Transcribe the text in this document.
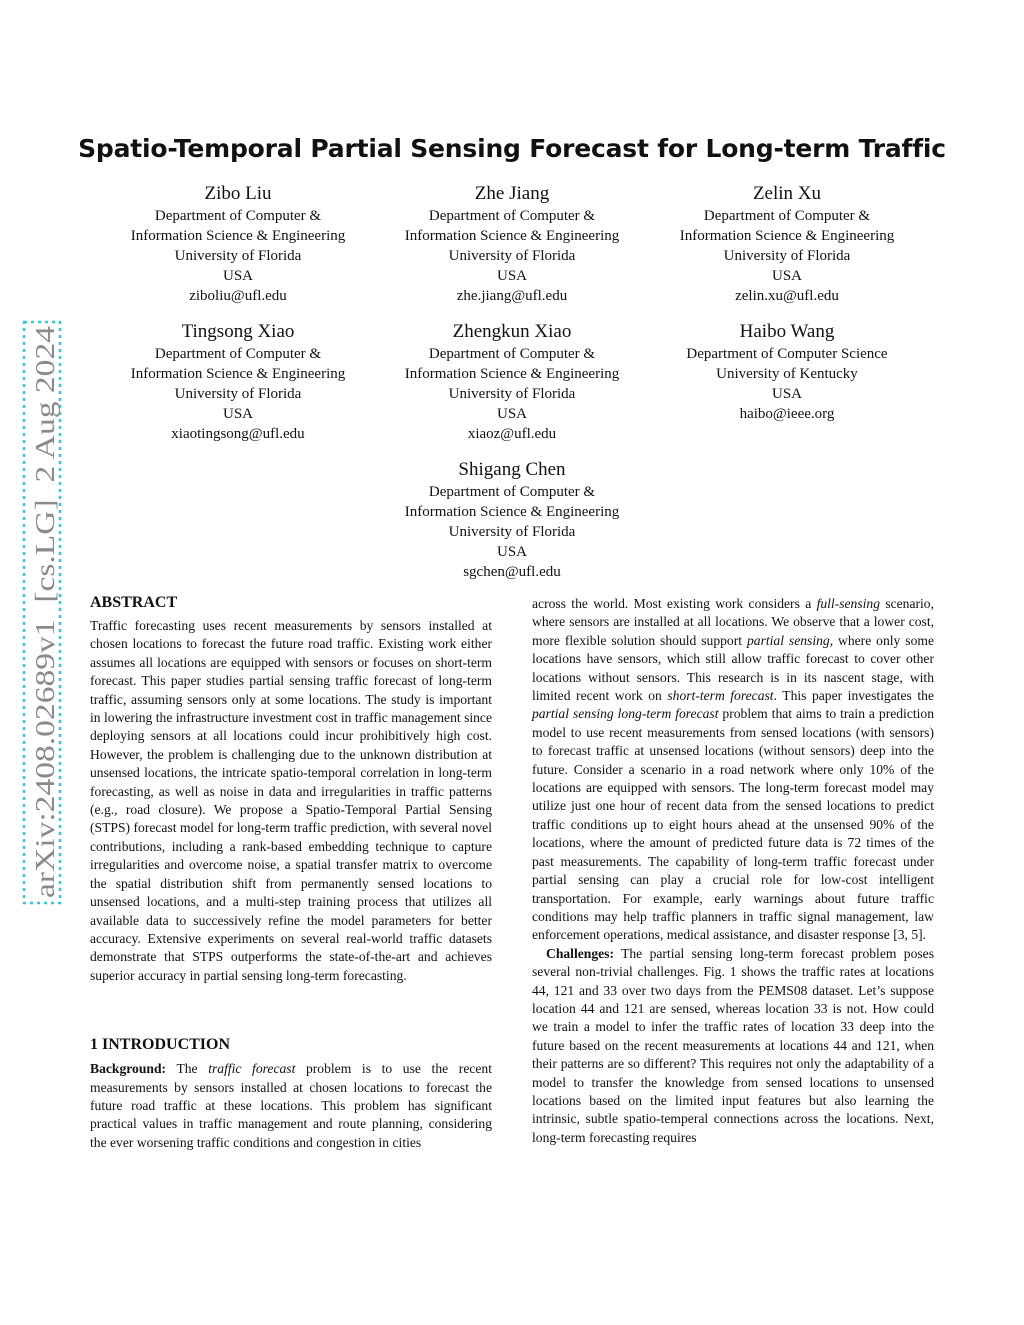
arXiv:2408.02689v1  [cs.LG]  2 Aug 2024
Spatio-Temporal Partial Sensing Forecast for Long-term Traffic
Zibo Liu
Department of Computer &
Information Science & Engineering
University of Florida
USA
ziboliu@ufl.edu
Zhe Jiang
Department of Computer &
Information Science & Engineering
University of Florida
USA
zhe.jiang@ufl.edu
Zelin Xu
Department of Computer &
Information Science & Engineering
University of Florida
USA
zelin.xu@ufl.edu
Tingsong Xiao
Department of Computer &
Information Science & Engineering
University of Florida
USA
xiaotingsong@ufl.edu
Zhengkun Xiao
Department of Computer &
Information Science & Engineering
University of Florida
USA
xiaoz@ufl.edu
Haibo Wang
Department of Computer Science
University of Kentucky
USA
haibo@ieee.org
Shigang Chen
Department of Computer &
Information Science & Engineering
University of Florida
USA
sgchen@ufl.edu

ABSTRACT

Traffic forecasting uses recent measurements by sensors installed at chosen locations to forecast the future road traffic. Existing work either assumes all locations are equipped with sensors or focuses on short-term forecast. This paper studies partial sensing traffic forecast of long-term traffic, assuming sensors only at some locations. The study is important in lowering the infrastructure investment cost in traffic management since deploying sensors at all locations could incur prohibitively high cost. However, the problem is challenging due to the unknown distribution at unsensed locations, the intricate spatio-temporal correlation in long-term forecasting, as well as noise in data and irregularities in traffic patterns (e.g., road closure). We propose a Spatio-Temporal Partial Sensing (STPS) forecast model for long-term traffic prediction, with several novel contributions, including a rank-based embedding technique to capture irregularities and overcome noise, a spatial transfer matrix to overcome the spatial distribution shift from permanently sensed locations to unsensed locations, and a multi-step training process that utilizes all available data to successively refine the model parameters for better accuracy. Extensive experiments on several real-world traffic datasets demonstrate that STPS outperforms the state-of-the-art and achieves superior accuracy in partial sensing long-term forecasting.

1 INTRODUCTION

Background: The traffic forecast problem is to use the recent measurements by sensors installed at chosen locations to forecast the future road traffic at these locations. This problem has significant practical values in traffic management and route planning, considering the ever worsening traffic conditions and congestion in cities

across the world. Most existing work considers a full-sensing scenario, where sensors are installed at all locations. We observe that a lower cost, more flexible solution should support partial sensing, where only some locations have sensors, which still allow traffic forecast to cover other locations without sensors. This research is in its nascent stage, with limited recent work on short-term forecast. This paper investigates the partial sensing long-term forecast problem that aims to train a prediction model to use recent measurements from sensed locations (with sensors) to forecast traffic at unsensed locations (without sensors) deep into the future. Consider a scenario in a road network where only 10% of the locations are equipped with sensors. The long-term forecast model may utilize just one hour of recent data from the sensed locations to predict traffic conditions up to eight hours ahead at the unsensed 90% of the locations, where the amount of predicted future data is 72 times of the past measurements. The capability of long-term traffic forecast under partial sensing can play a crucial role for low-cost intelligent transportation. For example, early warnings about future traffic conditions may help traffic planners in traffic signal management, law enforcement operations, medical assistance, and disaster response [3, 5].

Challenges: The partial sensing long-term forecast problem poses several non-trivial challenges. Fig. 1 shows the traffic rates at locations 44, 121 and 33 over two days from the PEMS08 dataset. Let’s suppose location 44 and 121 are sensed, whereas location 33 is not. How could we train a model to infer the traffic rates of location 33 deep into the future based on the recent measurements at locations 44 and 121, when their patterns are so different? This requires not only the adaptability of a model to transfer the knowledge from sensed locations to unsensed locations based on the limited input features but also learning the intrinsic, subtle spatio-temperal connections across the locations. Next, long-term forecasting requires
